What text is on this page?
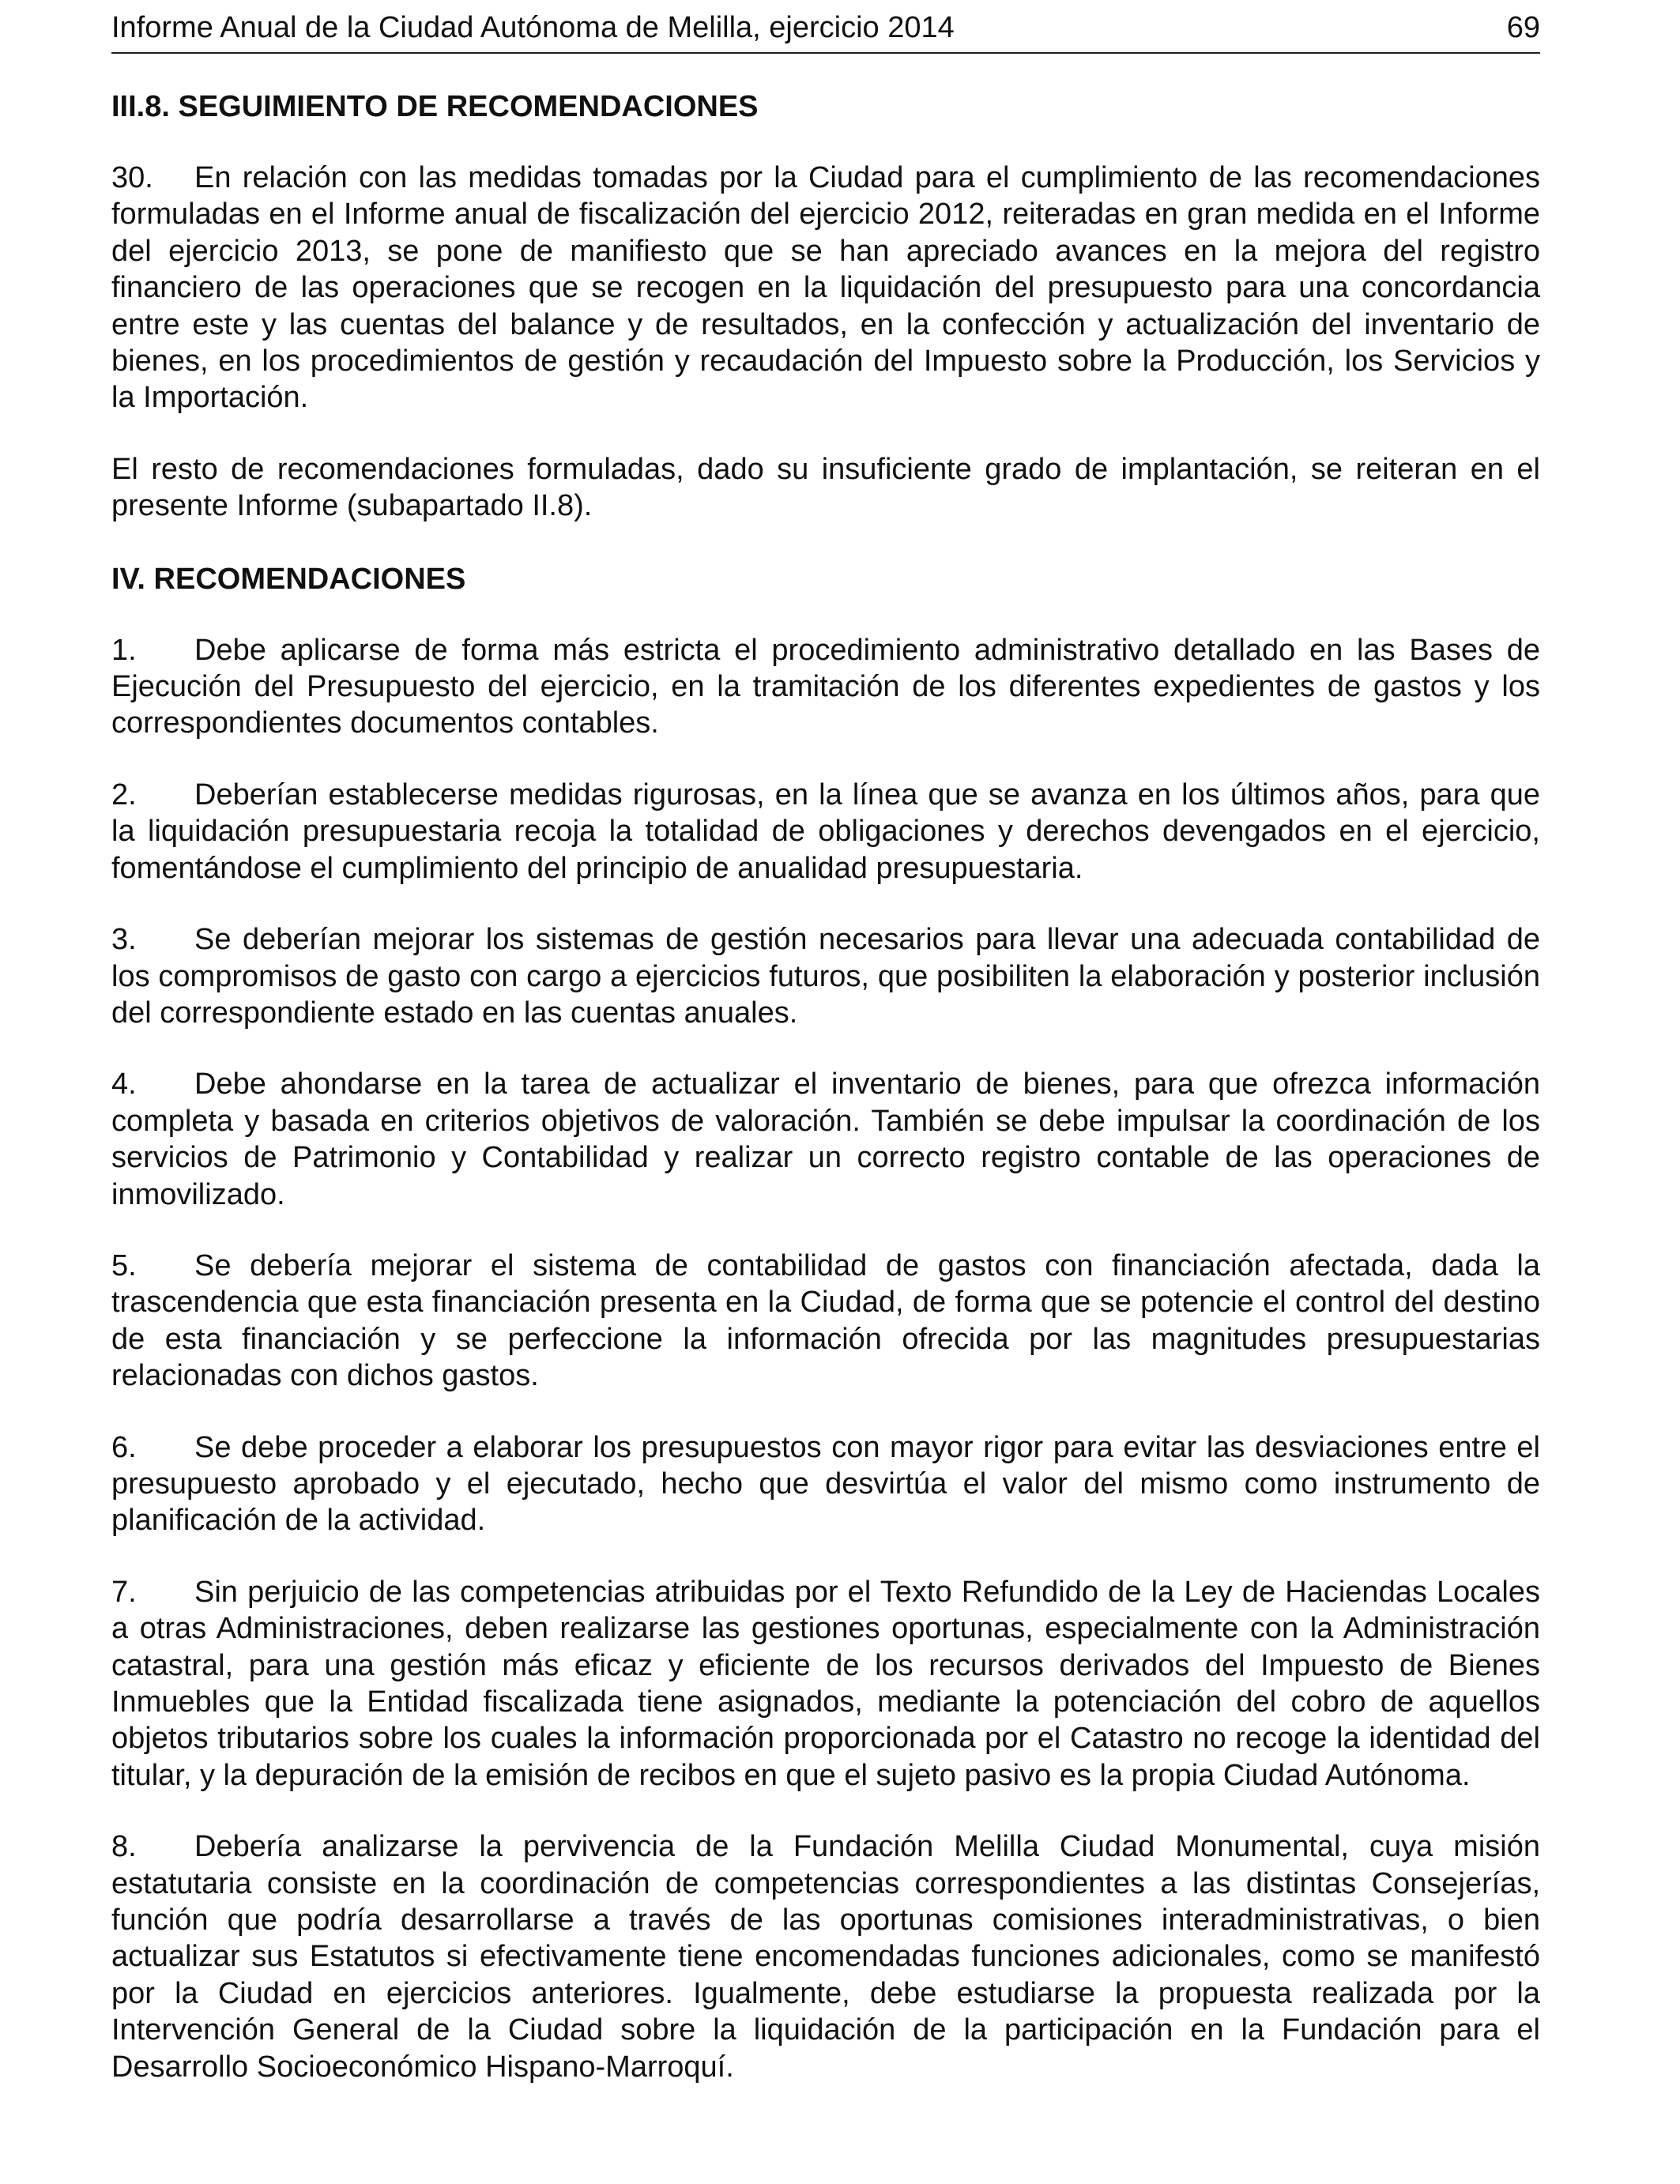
Informe Anual de la Ciudad Autónoma de Melilla, ejercicio 2014	69
III.8. SEGUIMIENTO DE RECOMENDACIONES

30. En relación con las medidas tomadas por la Ciudad para el cumplimiento de las recomendaciones formuladas en el Informe anual de fiscalización del ejercicio 2012, reiteradas en gran medida en el Informe del ejercicio 2013, se pone de manifiesto que se han apreciado avances en la mejora del registro financiero de las operaciones que se recogen en la liquidación del presupuesto para una concordancia entre este y las cuentas del balance y de resultados, en la confección y actualización del inventario de bienes, en los procedimientos de gestión y recaudación del Impuesto sobre la Producción, los Servicios y la Importación.

El resto de recomendaciones formuladas, dado su insuficiente grado de implantación, se reiteran en el presente Informe (subapartado II.8).

IV. RECOMENDACIONES

1. Debe aplicarse de forma más estricta el procedimiento administrativo detallado en las Bases de Ejecución del Presupuesto del ejercicio, en la tramitación de los diferentes expedientes de gastos y los correspondientes documentos contables.

2. Deberían establecerse medidas rigurosas, en la línea que se avanza en los últimos años, para que la liquidación presupuestaria recoja la totalidad de obligaciones y derechos devengados en el ejercicio, fomentándose el cumplimiento del principio de anualidad presupuestaria.

3. Se deberían mejorar los sistemas de gestión necesarios para llevar una adecuada contabilidad de los compromisos de gasto con cargo a ejercicios futuros, que posibiliten la elaboración y posterior inclusión del correspondiente estado en las cuentas anuales.

4. Debe ahondarse en la tarea de actualizar el inventario de bienes, para que ofrezca información completa y basada en criterios objetivos de valoración. También se debe impulsar la coordinación de los servicios de Patrimonio y Contabilidad y realizar un correcto registro contable de las operaciones de inmovilizado.

5. Se debería mejorar el sistema de contabilidad de gastos con financiación afectada, dada la trascendencia que esta financiación presenta en la Ciudad, de forma que se potencie el control del destino de esta financiación y se perfeccione la información ofrecida por las magnitudes presupuestarias relacionadas con dichos gastos.

6. Se debe proceder a elaborar los presupuestos con mayor rigor para evitar las desviaciones entre el presupuesto aprobado y el ejecutado, hecho que desvirtúa el valor del mismo como instrumento de planificación de la actividad.

7. Sin perjuicio de las competencias atribuidas por el Texto Refundido de la Ley de Haciendas Locales a otras Administraciones, deben realizarse las gestiones oportunas, especialmente con la Administración catastral, para una gestión más eficaz y eficiente de los recursos derivados del Impuesto de Bienes Inmuebles que la Entidad fiscalizada tiene asignados, mediante la potenciación del cobro de aquellos objetos tributarios sobre los cuales la información proporcionada por el Catastro no recoge la identidad del titular, y la depuración de la emisión de recibos en que el sujeto pasivo es la propia Ciudad Autónoma.

8. Debería analizarse la pervivencia de la Fundación Melilla Ciudad Monumental, cuya misión estatutaria consiste en la coordinación de competencias correspondientes a las distintas Consejerías, función que podría desarrollarse a través de las oportunas comisiones interadministrativas, o bien actualizar sus Estatutos si efectivamente tiene encomendadas funciones adicionales, como se manifestó por la Ciudad en ejercicios anteriores. Igualmente, debe estudiarse la propuesta realizada por la Intervención General de la Ciudad sobre la liquidación de la participación en la Fundación para el Desarrollo Socioeconómico Hispano-Marroquí.
